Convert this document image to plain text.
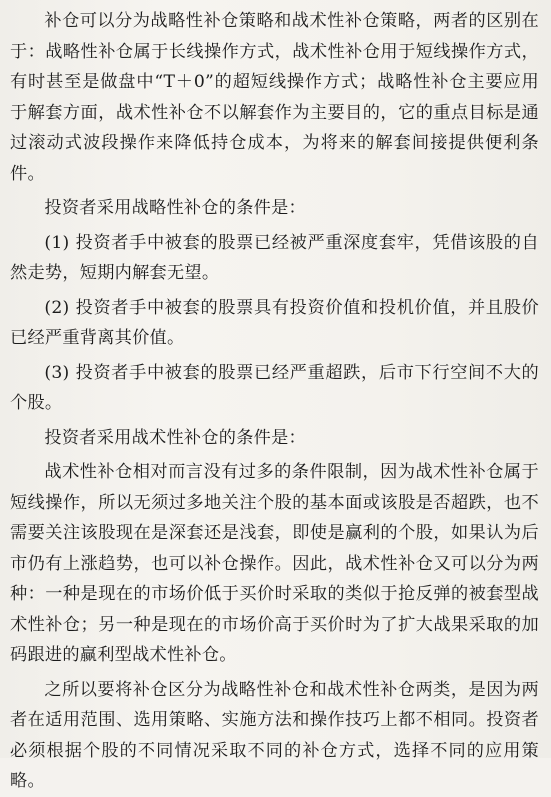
补仓可以分为战略性补仓策略和战术性补仓策略，两者的区别在于：战略性补仓属于长线操作方式，战术性补仓用于短线操作方式，有时甚至是做盘中“T＋0”的超短线操作方式；战略性补仓主要应用于解套方面，战术性补仓不以解套作为主要目的，它的重点目标是通过滚动式波段操作来降低持仓成本，为将来的解套间接提供便利条件。

投资者采用战略性补仓的条件是：

(1) 投资者手中被套的股票已经被严重深度套牢，凭借该股的自然走势，短期内解套无望。

(2) 投资者手中被套的股票具有投资价值和投机价值，并且股价已经严重背离其价值。

(3) 投资者手中被套的股票已经严重超跌，后市下行空间不大的个股。

投资者采用战术性补仓的条件是：

战术性补仓相对而言没有过多的条件限制，因为战术性补仓属于短线操作，所以无须过多地关注个股的基本面或该股是否超跌，也不需要关注该股现在是深套还是浅套，即使是赢利的个股，如果认为后市仍有上涨趋势，也可以补仓操作。因此，战术性补仓又可以分为两种：一种是现在的市场价低于买价时采取的类似于抢反弹的被套型战术性补仓；另一种是现在的市场价高于买价时为了扩大战果采取的加码跟进的赢利型战术性补仓。

之所以要将补仓区分为战略性补仓和战术性补仓两类，是因为两者在适用范围、选用策略、实施方法和操作技巧上都不相同。投资者必须根据个股的不同情况采取不同的补仓方式，选择不同的应用策略。
